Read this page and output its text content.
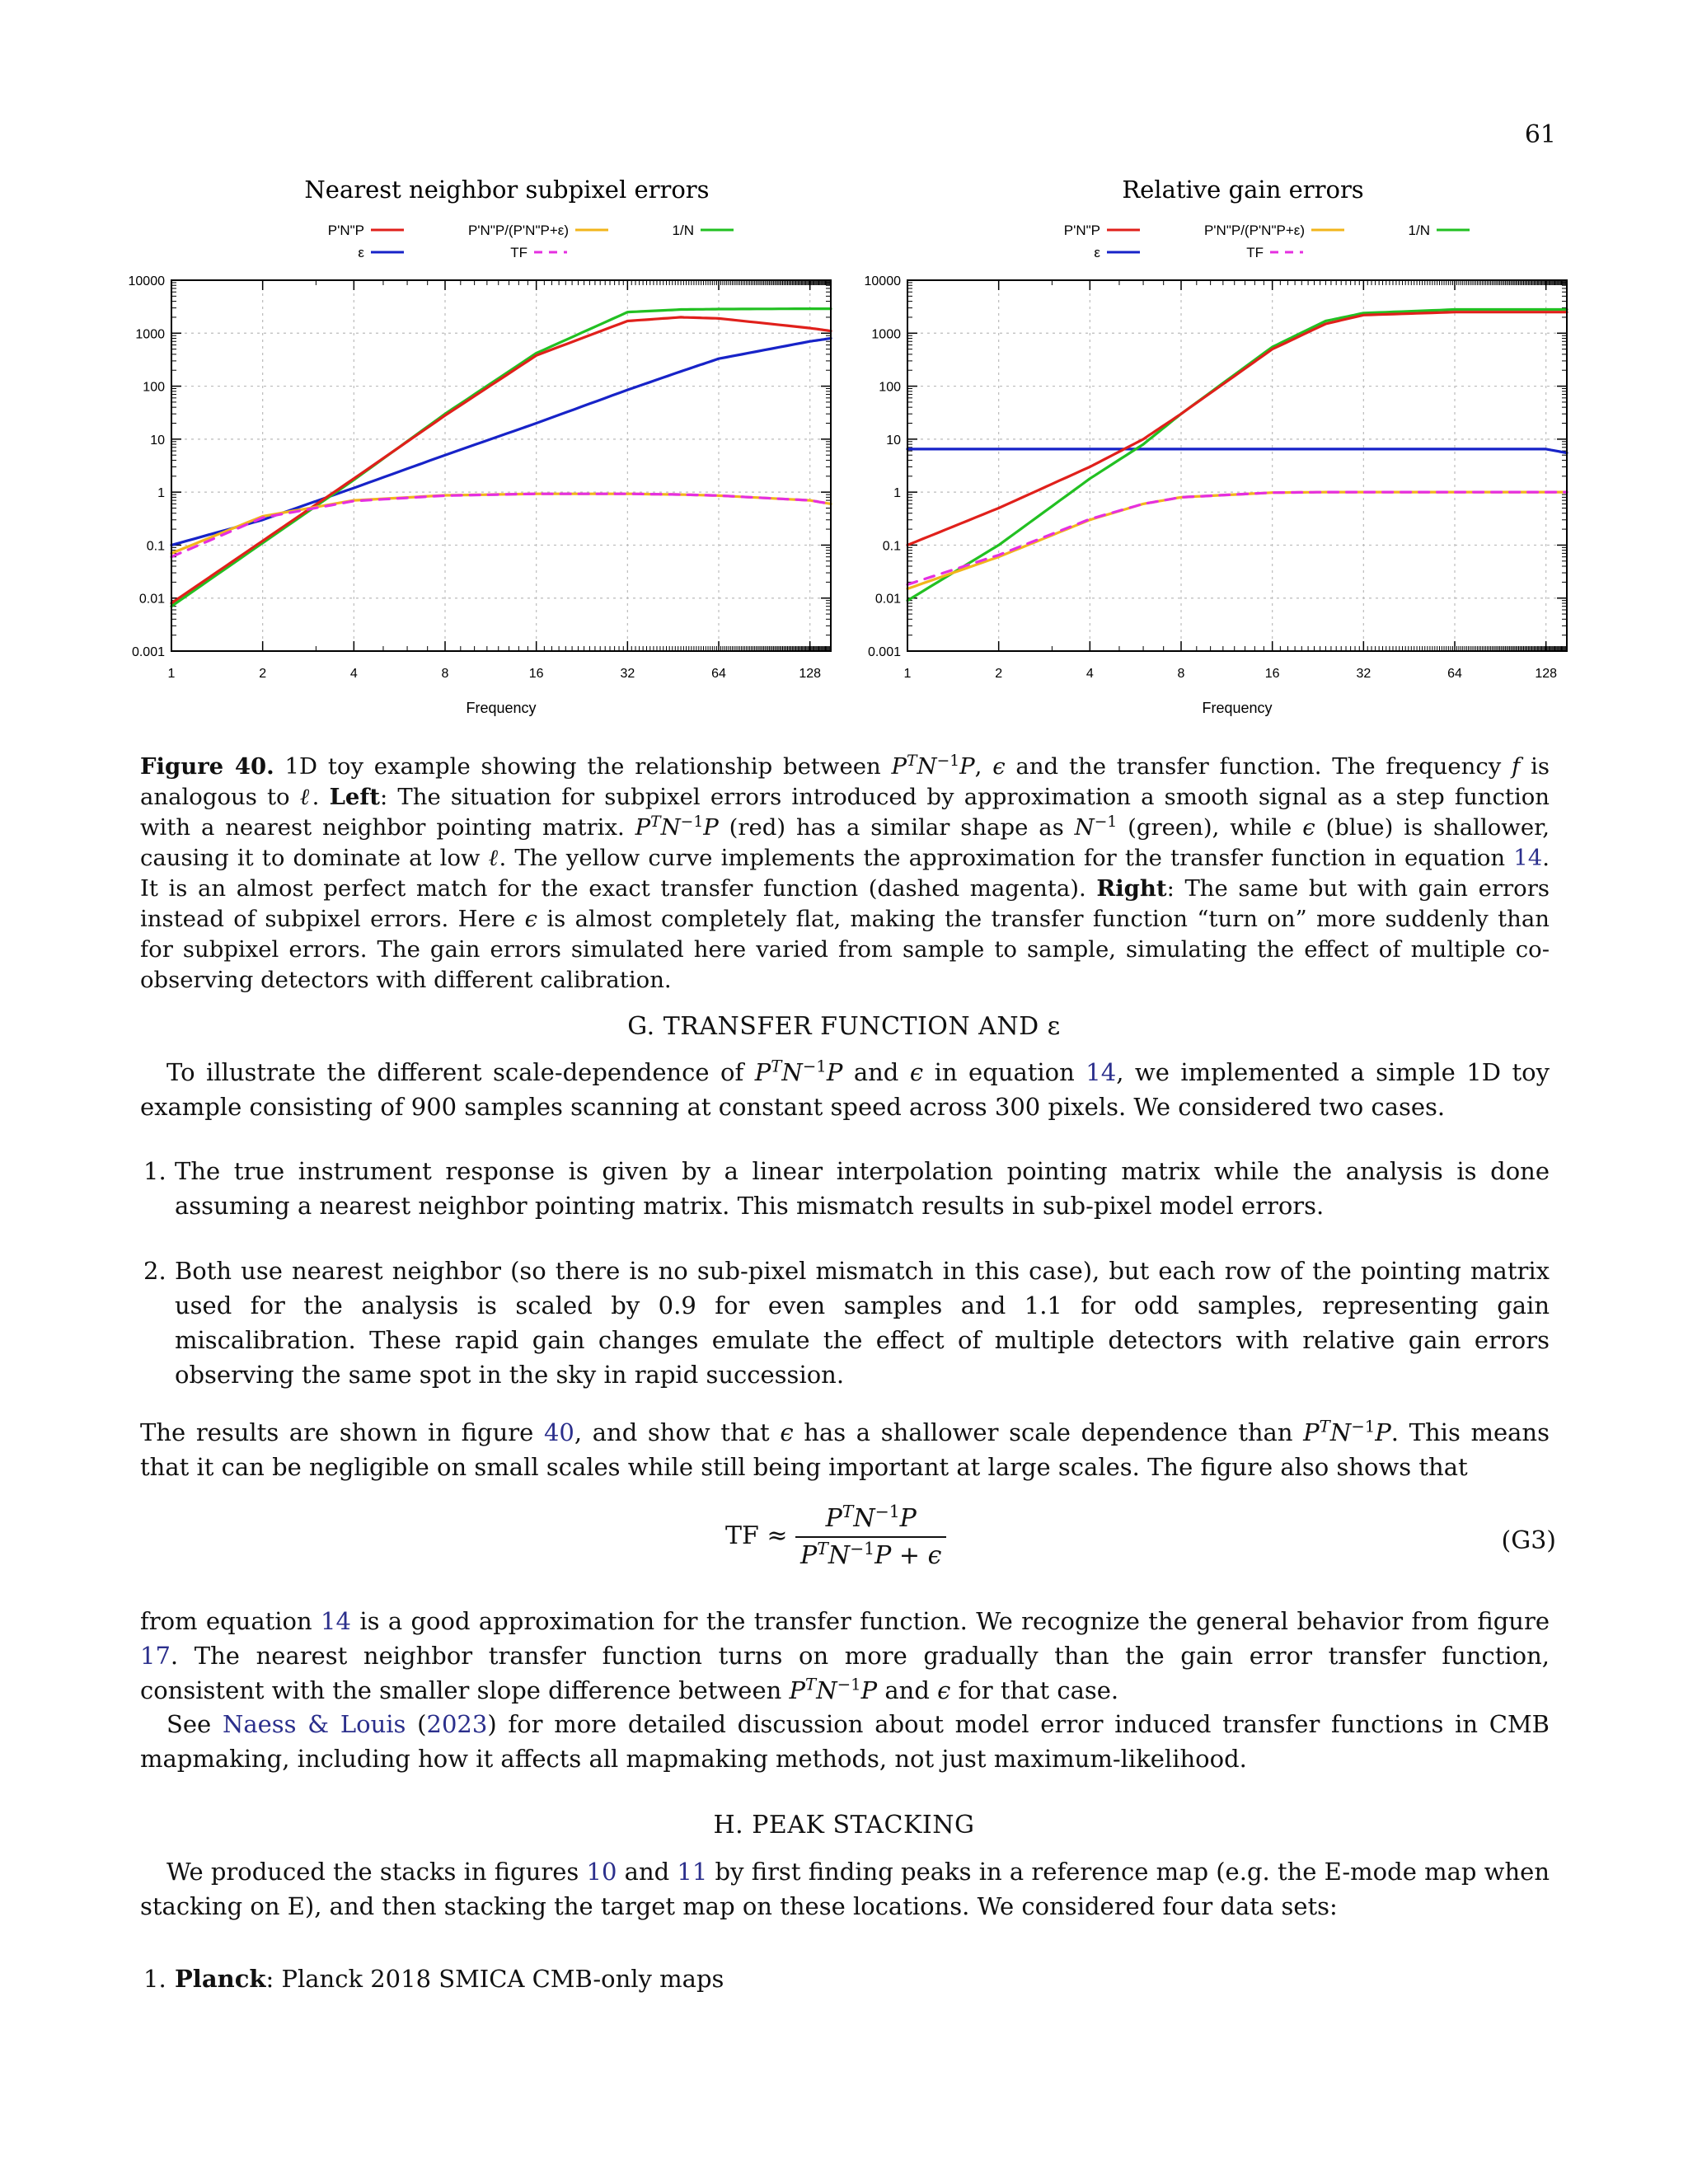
61
Nearest neighbor subpixel errors
P'N"P	P'N"P/(P'N"P+ε)	1/N
ε	TF
0.001
0.01
0.1
1
10
100
1000
10000
1	2	4	8	16	32	64	128
Frequency
Relative gain errors
P'N"P	P'N"P/(P'N"P+ε)	1/N
ε	TF
0.001
0.01
0.1
1
10
100
1000
10000
1	2	4	8	16	32	64	128
Frequency
Figure 40. 1D toy example showing the relationship between $P^TN^{-1}P$, ϵ and the transfer function. The frequency f is analogous to ℓ. Left: The situation for subpixel errors introduced by approximation a smooth signal as a step function with a nearest neighbor pointing matrix. $P^TN^{-1}P$ (red) has a similar shape as $N^{-1}$ (green), while ϵ (blue) is shallower, causing it to dominate at low ℓ. The yellow curve implements the approximation for the transfer function in equation 14. It is an almost perfect match for the exact transfer function (dashed magenta). Right: The same but with gain errors instead of subpixel errors. Here ϵ is almost completely flat, making the transfer function “turn on” more suddenly than for subpixel errors. The gain errors simulated here varied from sample to sample, simulating the effect of multiple co-observing detectors with different calibration.
G. TRANSFER FUNCTION AND ε
To illustrate the different scale-dependence of $P^TN^{-1}P$ and ϵ in equation 14, we implemented a simple 1D toy example consisting of 900 samples scanning at constant speed across 300 pixels. We considered two cases.
1. The true instrument response is given by a linear interpolation pointing matrix while the analysis is done assuming a nearest neighbor pointing matrix. This mismatch results in sub-pixel model errors.
2. Both use nearest neighbor (so there is no sub-pixel mismatch in this case), but each row of the pointing matrix used for the analysis is scaled by 0.9 for even samples and 1.1 for odd samples, representing gain miscalibration. These rapid gain changes emulate the effect of multiple detectors with relative gain errors observing the same spot in the sky in rapid succession.
The results are shown in figure 40, and show that ϵ has a shallower scale dependence than $P^TN^{-1}P$. This means that it can be negligible on small scales while still being important at large scales. The figure also shows that
TF ≈ $\frac{P^TN^{-1}P}{P^TN^{-1}P + \epsilon}$	(G3)
from equation 14 is a good approximation for the transfer function. We recognize the general behavior from figure 17. The nearest neighbor transfer function turns on more gradually than the gain error transfer function, consistent with the smaller slope difference between $P^TN^{-1}P$ and ϵ for that case.
See Naess & Louis (2023) for more detailed discussion about model error induced transfer functions in CMB mapmaking, including how it affects all mapmaking methods, not just maximum-likelihood.
H. PEAK STACKING
We produced the stacks in figures 10 and 11 by first finding peaks in a reference map (e.g. the E-mode map when stacking on E), and then stacking the target map on these locations. We considered four data sets:
1. Planck: Planck 2018 SMICA CMB-only maps
